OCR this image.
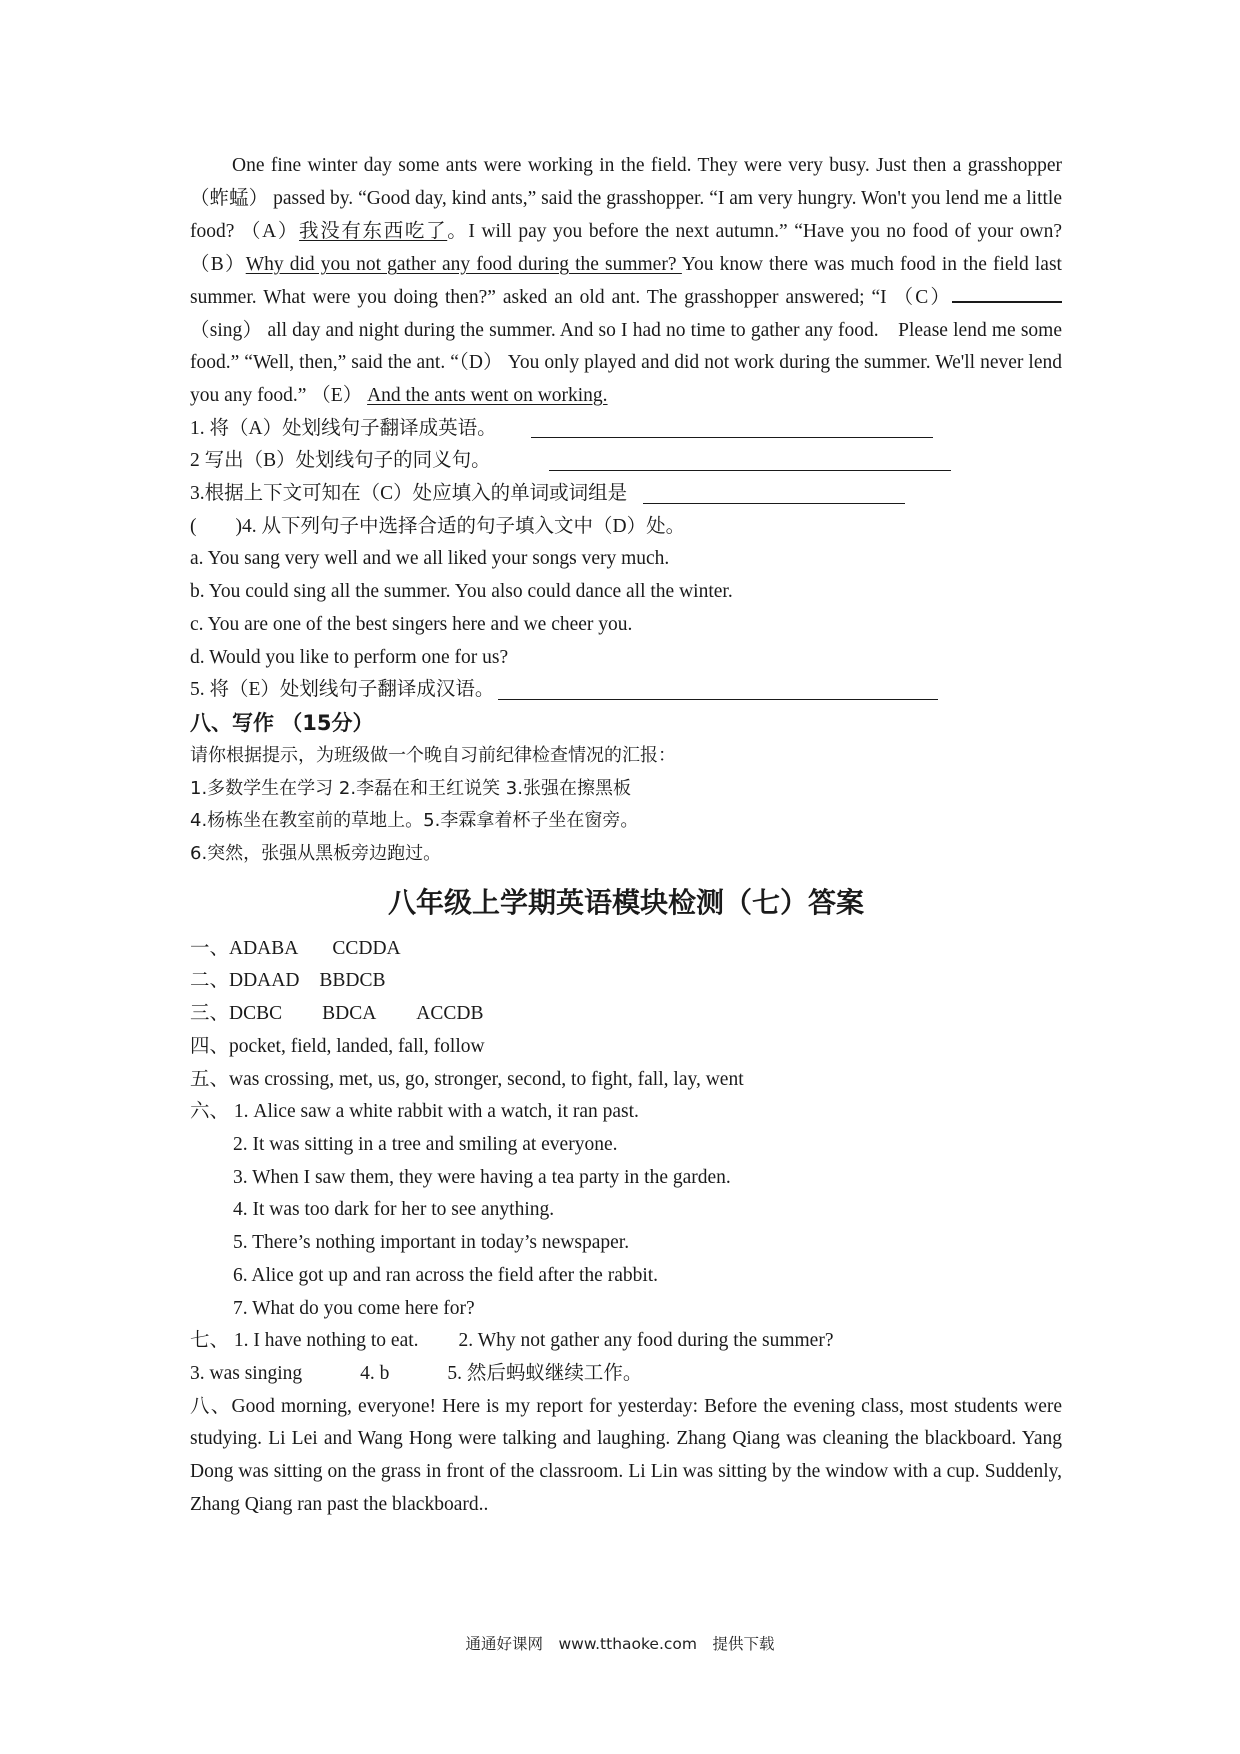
One fine winter day some ants were working in the field. They were very busy. Just then a grasshopper（蚱蜢） passed by. “Good day, kind ants,” said the grasshopper. “I am very hungry. Won't you lend me a little food? （A）我没有东西吃了。I will pay you before the next autumn.” “Have you no food of your own? （B）Why did you not gather any food during the summer? You know there was much food in the field last summer. What were you doing then?” asked an old ant. The grasshopper answered; “I （C）（sing） all day and night during the summer. And so I had no time to gather any food. Please lend me some food.” “Well, then,” said the ant. “（D） You only played and did not work during the summer. We'll never lend you any food.” （E） And the ants went on working.
1. 将（A）处划线句子翻译成英语。
2 写出（B）处划线句子的同义句。
3.根据上下文可知在（C）处应填入的单词或词组是
(  )4. 从下列句子中选择合适的句子填入文中（D）处。
a. You sang very well and we all liked your songs very much.
b. You could sing all the summer. You also could dance all the winter.
c. You are one of the best singers here and we cheer you.
d. Would you like to perform one for us?
5. 将（E）处划线句子翻译成汉语。
八、写作 （15分）
请你根据提示，为班级做一个晚自习前纪律检查情况的汇报：
1.多数学生在学习 2.李磊在和王红说笑 3.张强在擦黑板
4.杨栋坐在教室前的草地上。5.李霖拿着杯子坐在窗旁。
6.突然，张强从黑板旁边跑过。
八年级上学期英语模块检测（七）答案
一、ADABA CCDDA
二、DDAAD BBDCB
三、DCBC BDCA ACCDB
四、pocket, field, landed, fall, follow
五、was crossing, met, us, go, stronger, second, to fight, fall, lay, went
六、 1. Alice saw a white rabbit with a watch, it ran past.
2. It was sitting in a tree and smiling at everyone.
3. When I saw them, they were having a tea party in the garden.
4. It was too dark for her to see anything.
5. There’s nothing important in today’s newspaper.
6. Alice got up and ran across the field after the rabbit.
7. What do you come here for?
七、 1. I have nothing to eat. 2. Why not gather any food during the summer?
3. was singing	4. b	5. 然后蚂蚁继续工作。
八、Good morning, everyone! Here is my report for yesterday: Before the evening class, most students were studying. Li Lei and Wang Hong were talking and laughing. Zhang Qiang was cleaning the blackboard. Yang Dong was sitting on the grass in front of the classroom. Li Lin was sitting by the window with a cup. Suddenly, Zhang Qiang ran past the blackboard..
通通好课网 www.tthaoke.com 提供下载
